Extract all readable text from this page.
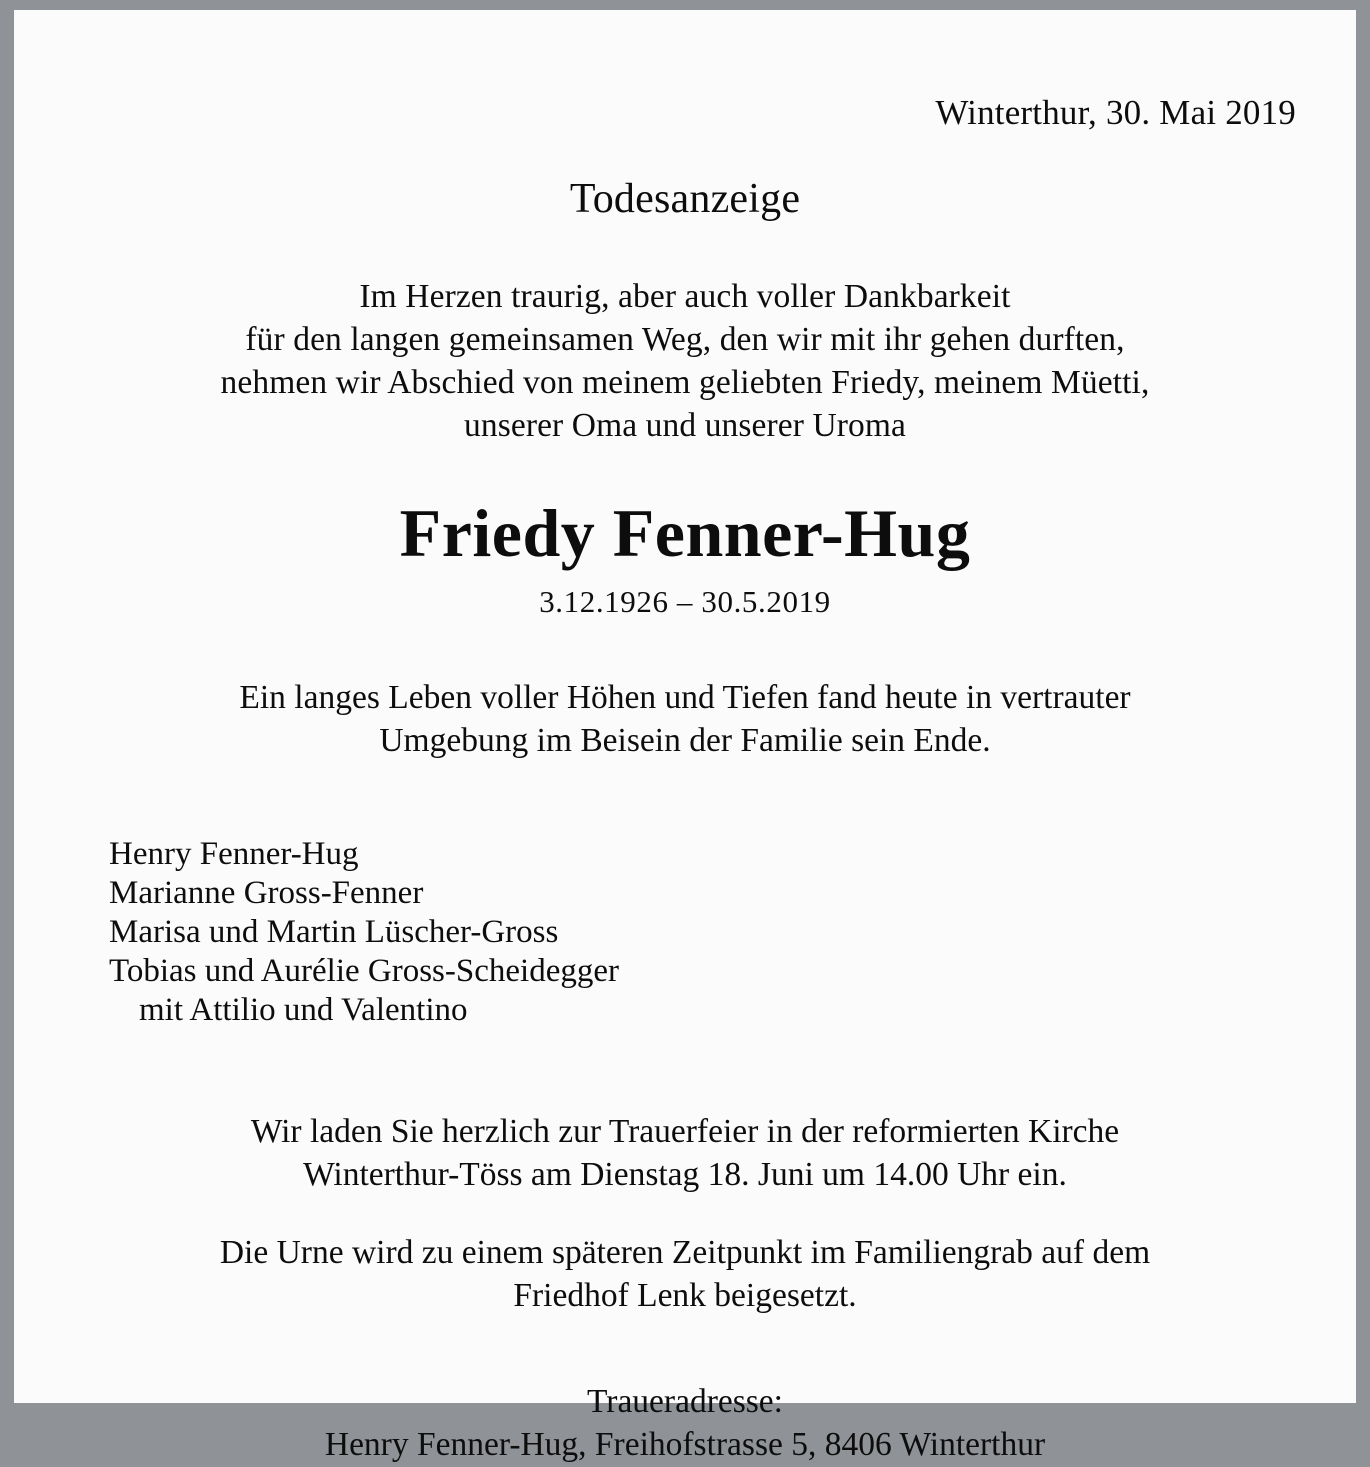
Winterthur, 30. Mai 2019
Todesanzeige
Im Herzen traurig, aber auch voller Dankbarkeit
für den langen gemeinsamen Weg, den wir mit ihr gehen durften,
nehmen wir Abschied von meinem geliebten Friedy, meinem Müetti,
unserer Oma und unserer Uroma
Friedy Fenner-Hug
3.12.1926 – 30.5.2019
Ein langes Leben voller Höhen und Tiefen fand heute in vertrauter
Umgebung im Beisein der Familie sein Ende.
Henry Fenner-Hug
Marianne Gross-Fenner
Marisa und Martin Lüscher-Gross
Tobias und Aurélie Gross-Scheidegger
mit Attilio und Valentino
Wir laden Sie herzlich zur Trauerfeier in der reformierten Kirche
Winterthur-Töss am Dienstag 18. Juni um 14.00 Uhr ein.
Die Urne wird zu einem späteren Zeitpunkt im Familiengrab auf dem
Friedhof Lenk beigesetzt.
Traueradresse:
Henry Fenner-Hug, Freihofstrasse 5, 8406 Winterthur
